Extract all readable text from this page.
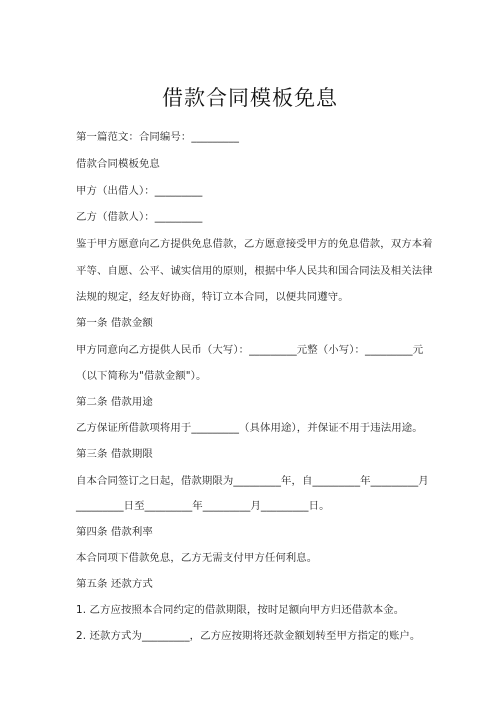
借款合同模板免息
第一篇范文：合同编号：_________
借款合同模板免息
甲方（出借人）：_________
乙方（借款人）：_________
鉴于甲方愿意向乙方提供免息借款，乙方愿意接受甲方的免息借款，双方本着
平等、自愿、公平、诚实信用的原则，根据中华人民共和国合同法及相关法律
法规的规定，经友好协商，特订立本合同，以便共同遵守。
第一条 借款金额
甲方同意向乙方提供人民币（大写）：_________元整（小写）：_________元
（以下简称为"借款金额"）。
第二条 借款用途
乙方保证所借款项将用于_________（具体用途），并保证不用于违法用途。
第三条 借款期限
自本合同签订之日起，借款期限为_________年，自_________年_________月
_________日至_________年_________月_________日。
第四条 借款利率
本合同项下借款免息，乙方无需支付甲方任何利息。
第五条 还款方式
1. 乙方应按照本合同约定的借款期限，按时足额向甲方归还借款本金。
2. 还款方式为_________，乙方应按期将还款金额划转至甲方指定的账户。
